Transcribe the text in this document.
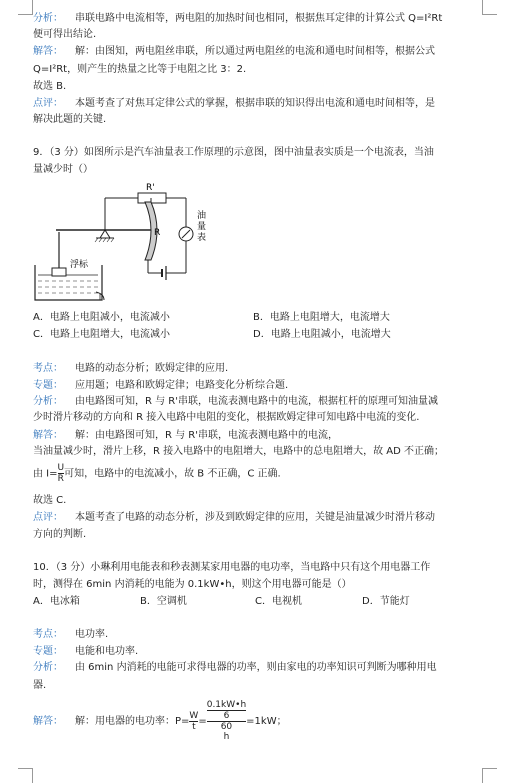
分析： 串联电路中电流相等，两电阻的加热时间也相同，根据焦耳定律的计算公式 Q=I²Rt
便可得出结论.
解答： 解：由图知，两电阻丝串联，所以通过两电阻丝的电流和通电时间相等，根据公式
Q=I²Rt，则产生的热量之比等于电阻之比 3：2.
故选 B.
点评： 本题考查了对焦耳定律公式的掌握，根据串联的知识得出电流和通电时间相等，是
解决此题的关键.
9．（3 分）如图所示是汽车油量表工作原理的示意图，图中油量表实质是一个电流表，当油
量减少时（）
浮标
R'
R
油量表
A．电路上电阻减小，电流减小	B．电路上电阻增大，电流增大
C．电路上电阻增大，电流减小	D．电路上电阻减小，电流增大
考点： 电路的动态分析；欧姆定律的应用.
专题： 应用题；电路和欧姆定律；电路变化分析综合题.
分析： 由电路图可知，R 与 R'串联，电流表测电路中的电流，根据杠杆的原理可知油量减
少时滑片移动的方向和 R 接入电路中电阻的变化，根据欧姆定律可知电路中电流的变化.
解答： 解：由电路图可知，R 与 R'串联，电流表测电路中的电流，
当油量减少时，滑片上移，R 接入电路中的电阻增大，电路中的总电阻增大，故 AD 不正确；
由 $I= \frac{U}{R}$ 可知，电路中的电流减小，故 B 不正确，C 正确.
故选 C.
点评： 本题考查了电路的动态分析，涉及到欧姆定律的应用，关键是油量减少时滑片移动
方向的判断.
10．（3 分）小琳利用电能表和秒表测某家用电器的电功率，当电路中只有这个用电器工作
时，测得在 6min 内消耗的电能为 0.1kW•h，则这个用电器可能是（）
A．电冰箱	B．空调机	C．电视机	D．节能灯
考点： 电功率.
专题： 电能和电功率.
分析： 由 6min 内消耗的电能可求得电器的功率，则由家电的功率知识可判断为哪种用电
器.
解答： 解：用电器的电功率：$P= \frac{W}{t}$ = 0.1kW•h
6
60
h =1kW；
